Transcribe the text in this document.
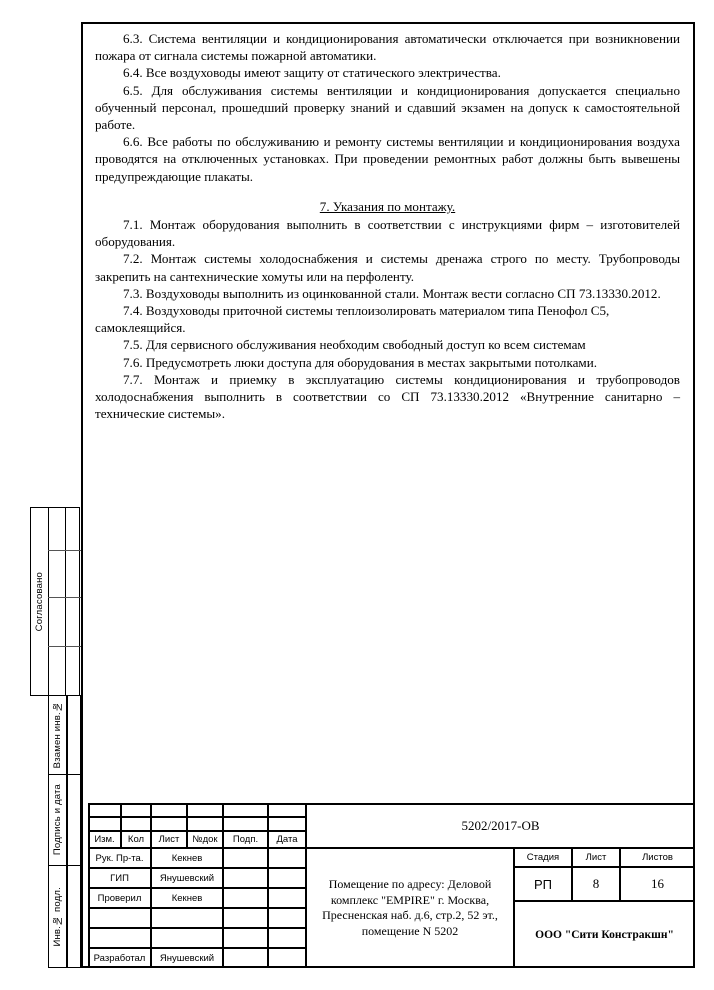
6.3. Система вентиляции и кондиционирования автоматически отключается при возникновении пожара от сигнала системы пожарной автоматики.

6.4. Все воздуховоды имеют защиту от статического электричества.

6.5. Для обслуживания системы вентиляции и кондиционирования допускается специально обученный персонал, прошедший проверку знаний и сдавший экзамен на допуск к самостоятельной работе.

6.6. Все работы по обслуживанию и ремонту системы вентиляции и кондиционирования воздуха проводятся на отключенных установках. При проведении ремонтных работ должны быть вывешены предупреждающие плакаты.

7. Указания по монтажу.

7.1. Монтаж оборудования выполнить в соответствии с инструкциями фирм – изготовителей оборудования.

7.2. Монтаж системы холодоснабжения и системы дренажа строго по месту. Трубопроводы закрепить на сантехнические хомуты или на перфоленту.

7.3. Воздуховоды выполнить из оцинкованной стали. Монтаж вести согласно СП 73.13330.2012.

7.4. Воздуховоды приточной системы теплоизолировать материалом типа Пенофол С5, самоклеящийся.

7.5. Для сервисного обслуживания необходим свободный доступ ко всем системам

7.6. Предусмотреть люки доступа для оборудования в местах закрытыми потолками.

7.7. Монтаж и приемку в эксплуатацию системы кондиционирования и трубопроводов холодоснабжения выполнить в соответствии со СП 73.13330.2012 «Внутренние санитарно – технические системы».

Согласовано
Взамен инв.№
Подпись и дата
Инв.№ подл.
Изм.	Кол	Лист	№док	Подп.	Дата
Рук. Пр-та.	Кекнев
ГИП	Янушевский
Проверил	Кекнев
Разработал	Янушевский
5202/2017-ОВ
Помещение по адресу: Деловой
комплекс "EMPIRE" г. Москва,
Пресненская наб. д.6, стр.2, 52 эт.,
помещение N 5202
Стадия	Лист	Листов
РП	8	16
ООО "Сити Констракшн"
